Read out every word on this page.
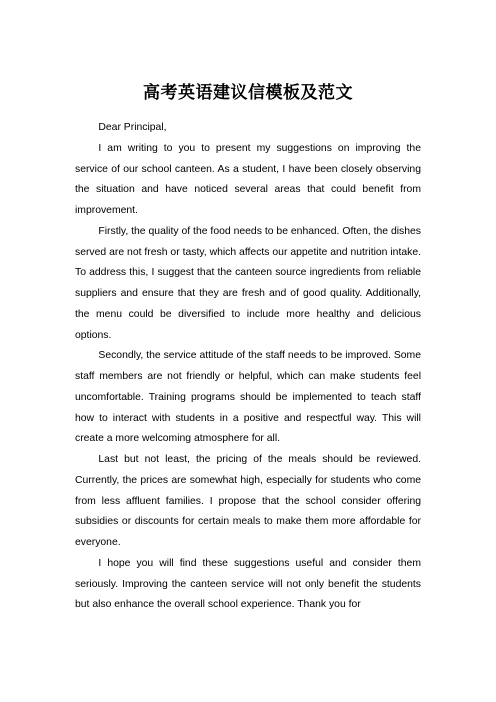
高考英语建议信模板及范文

Dear Principal,

I am writing to you to present my suggestions on improving the service of our school canteen. As a student, I have been closely observing the situation and have noticed several areas that could benefit from improvement.

Firstly, the quality of the food needs to be enhanced. Often, the dishes served are not fresh or tasty, which affects our appetite and nutrition intake. To address this, I suggest that the canteen source ingredients from reliable suppliers and ensure that they are fresh and of good quality. Additionally, the menu could be diversified to include more healthy and delicious options.

Secondly, the service attitude of the staff needs to be improved. Some staff members are not friendly or helpful, which can make students feel uncomfortable. Training programs should be implemented to teach staff how to interact with students in a positive and respectful way. This will create a more welcoming atmosphere for all.

Last but not least, the pricing of the meals should be reviewed. Currently, the prices are somewhat high, especially for students who come from less affluent families. I propose that the school consider offering subsidies or discounts for certain meals to make them more affordable for everyone.

I hope you will find these suggestions useful and consider them seriously. Improving the canteen service will not only benefit the students but also enhance the overall school experience. Thank you for
